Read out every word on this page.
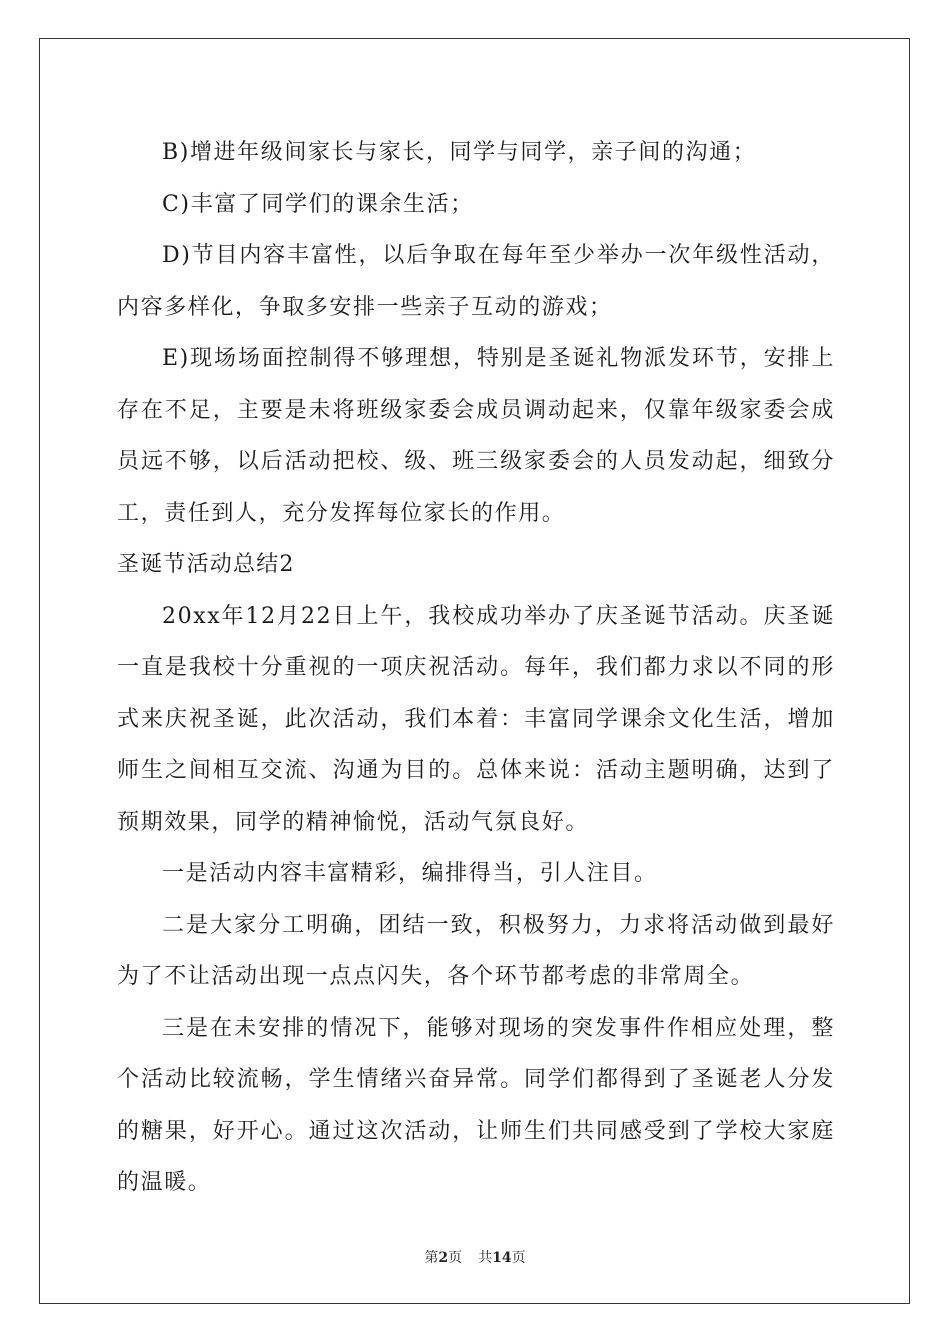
B)增进年级间家长与家长，同学与同学，亲子间的沟通；

C)丰富了同学们的课余生活；

D)节目内容丰富性，以后争取在每年至少举办一次年级性活动，内容多样化，争取多安排一些亲子互动的游戏；

E)现场场面控制得不够理想，特别是圣诞礼物派发环节，安排上存在不足，主要是未将班级家委会成员调动起来，仅靠年级家委会成员远不够，以后活动把校、级、班三级家委会的人员发动起，细致分工，责任到人，充分发挥每位家长的作用。

圣诞节活动总结2

20xx年12月22日上午，我校成功举办了庆圣诞节活动。庆圣诞一直是我校十分重视的一项庆祝活动。每年，我们都力求以不同的形式来庆祝圣诞，此次活动，我们本着：丰富同学课余文化生活，增加师生之间相互交流、沟通为目的。总体来说：活动主题明确，达到了预期效果，同学的精神愉悦，活动气氛良好。

一是活动内容丰富精彩，编排得当，引人注目。

二是大家分工明确，团结一致，积极努力，力求将活动做到最好为了不让活动出现一点点闪失，各个环节都考虑的非常周全。

三是在未安排的情况下，能够对现场的突发事件作相应处理，整个活动比较流畅，学生情绪兴奋异常。同学们都得到了圣诞老人分发的糖果，好开心。通过这次活动，让师生们共同感受到了学校大家庭的温暖。

第2页 共14页
